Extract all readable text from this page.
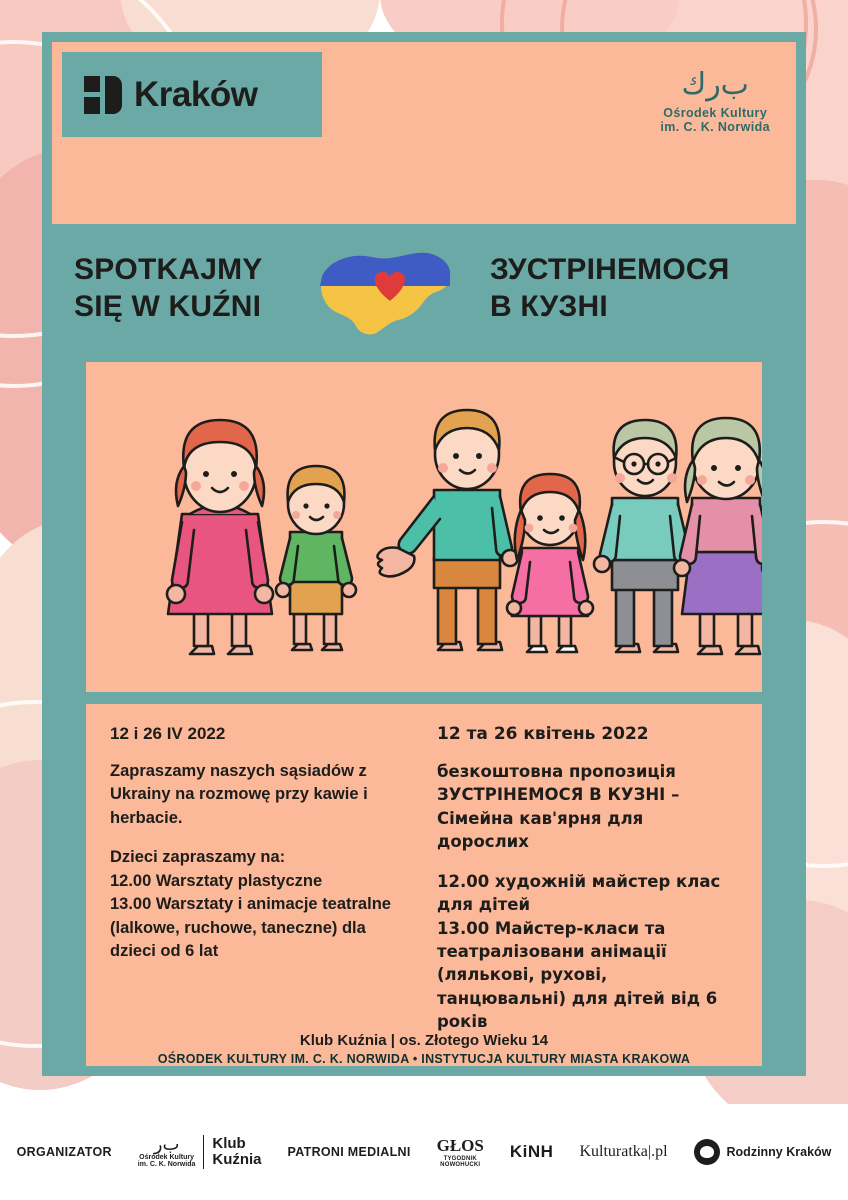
Kraków	ب‌ر‌ك
Ośrodek Kultury
im. C. K. Norwida
SPOTKAJMY
SIĘ W KUŹNI
ЗУСТРІНЕМОСЯ
В КУЗНІ
12 i 26 IV 2022

Zapraszamy naszych sąsiadów z Ukrainy na rozmowę przy kawie i herbacie.

Dzieci zapraszamy na:
12.00 Warsztaty plastyczne
13.00 Warsztaty i animacje teatralne (lalkowe, ruchowe, taneczne) dla dzieci od 6 lat

12 та 26 квітень 2022

безкоштовна пропозиція
ЗУСТРІНЕМОСЯ В КУЗНІ –
Сімейна кав'ярня для дорослих

12.00 художній майстер клас для дітей
13.00 Майстер-класи та театралізовани анімації (ляльковi, рухові, танцювальні) для дітей від 6 років

OŚRODEK KULTURY IM. C. K. NORWIDA • INSTYTUCJA KULTURY MIASTA KRAKOWA
ORGANIZATOR	ب‌ر
Ośrodek Kultury
im. C. K. Norwida
Klub
Kuźnia PATRONI MEDIALNI GŁOS
TYGODNIK
NOWOHUCKI
KiNH Kulturatka|.pl	Rodzinny Kraków
